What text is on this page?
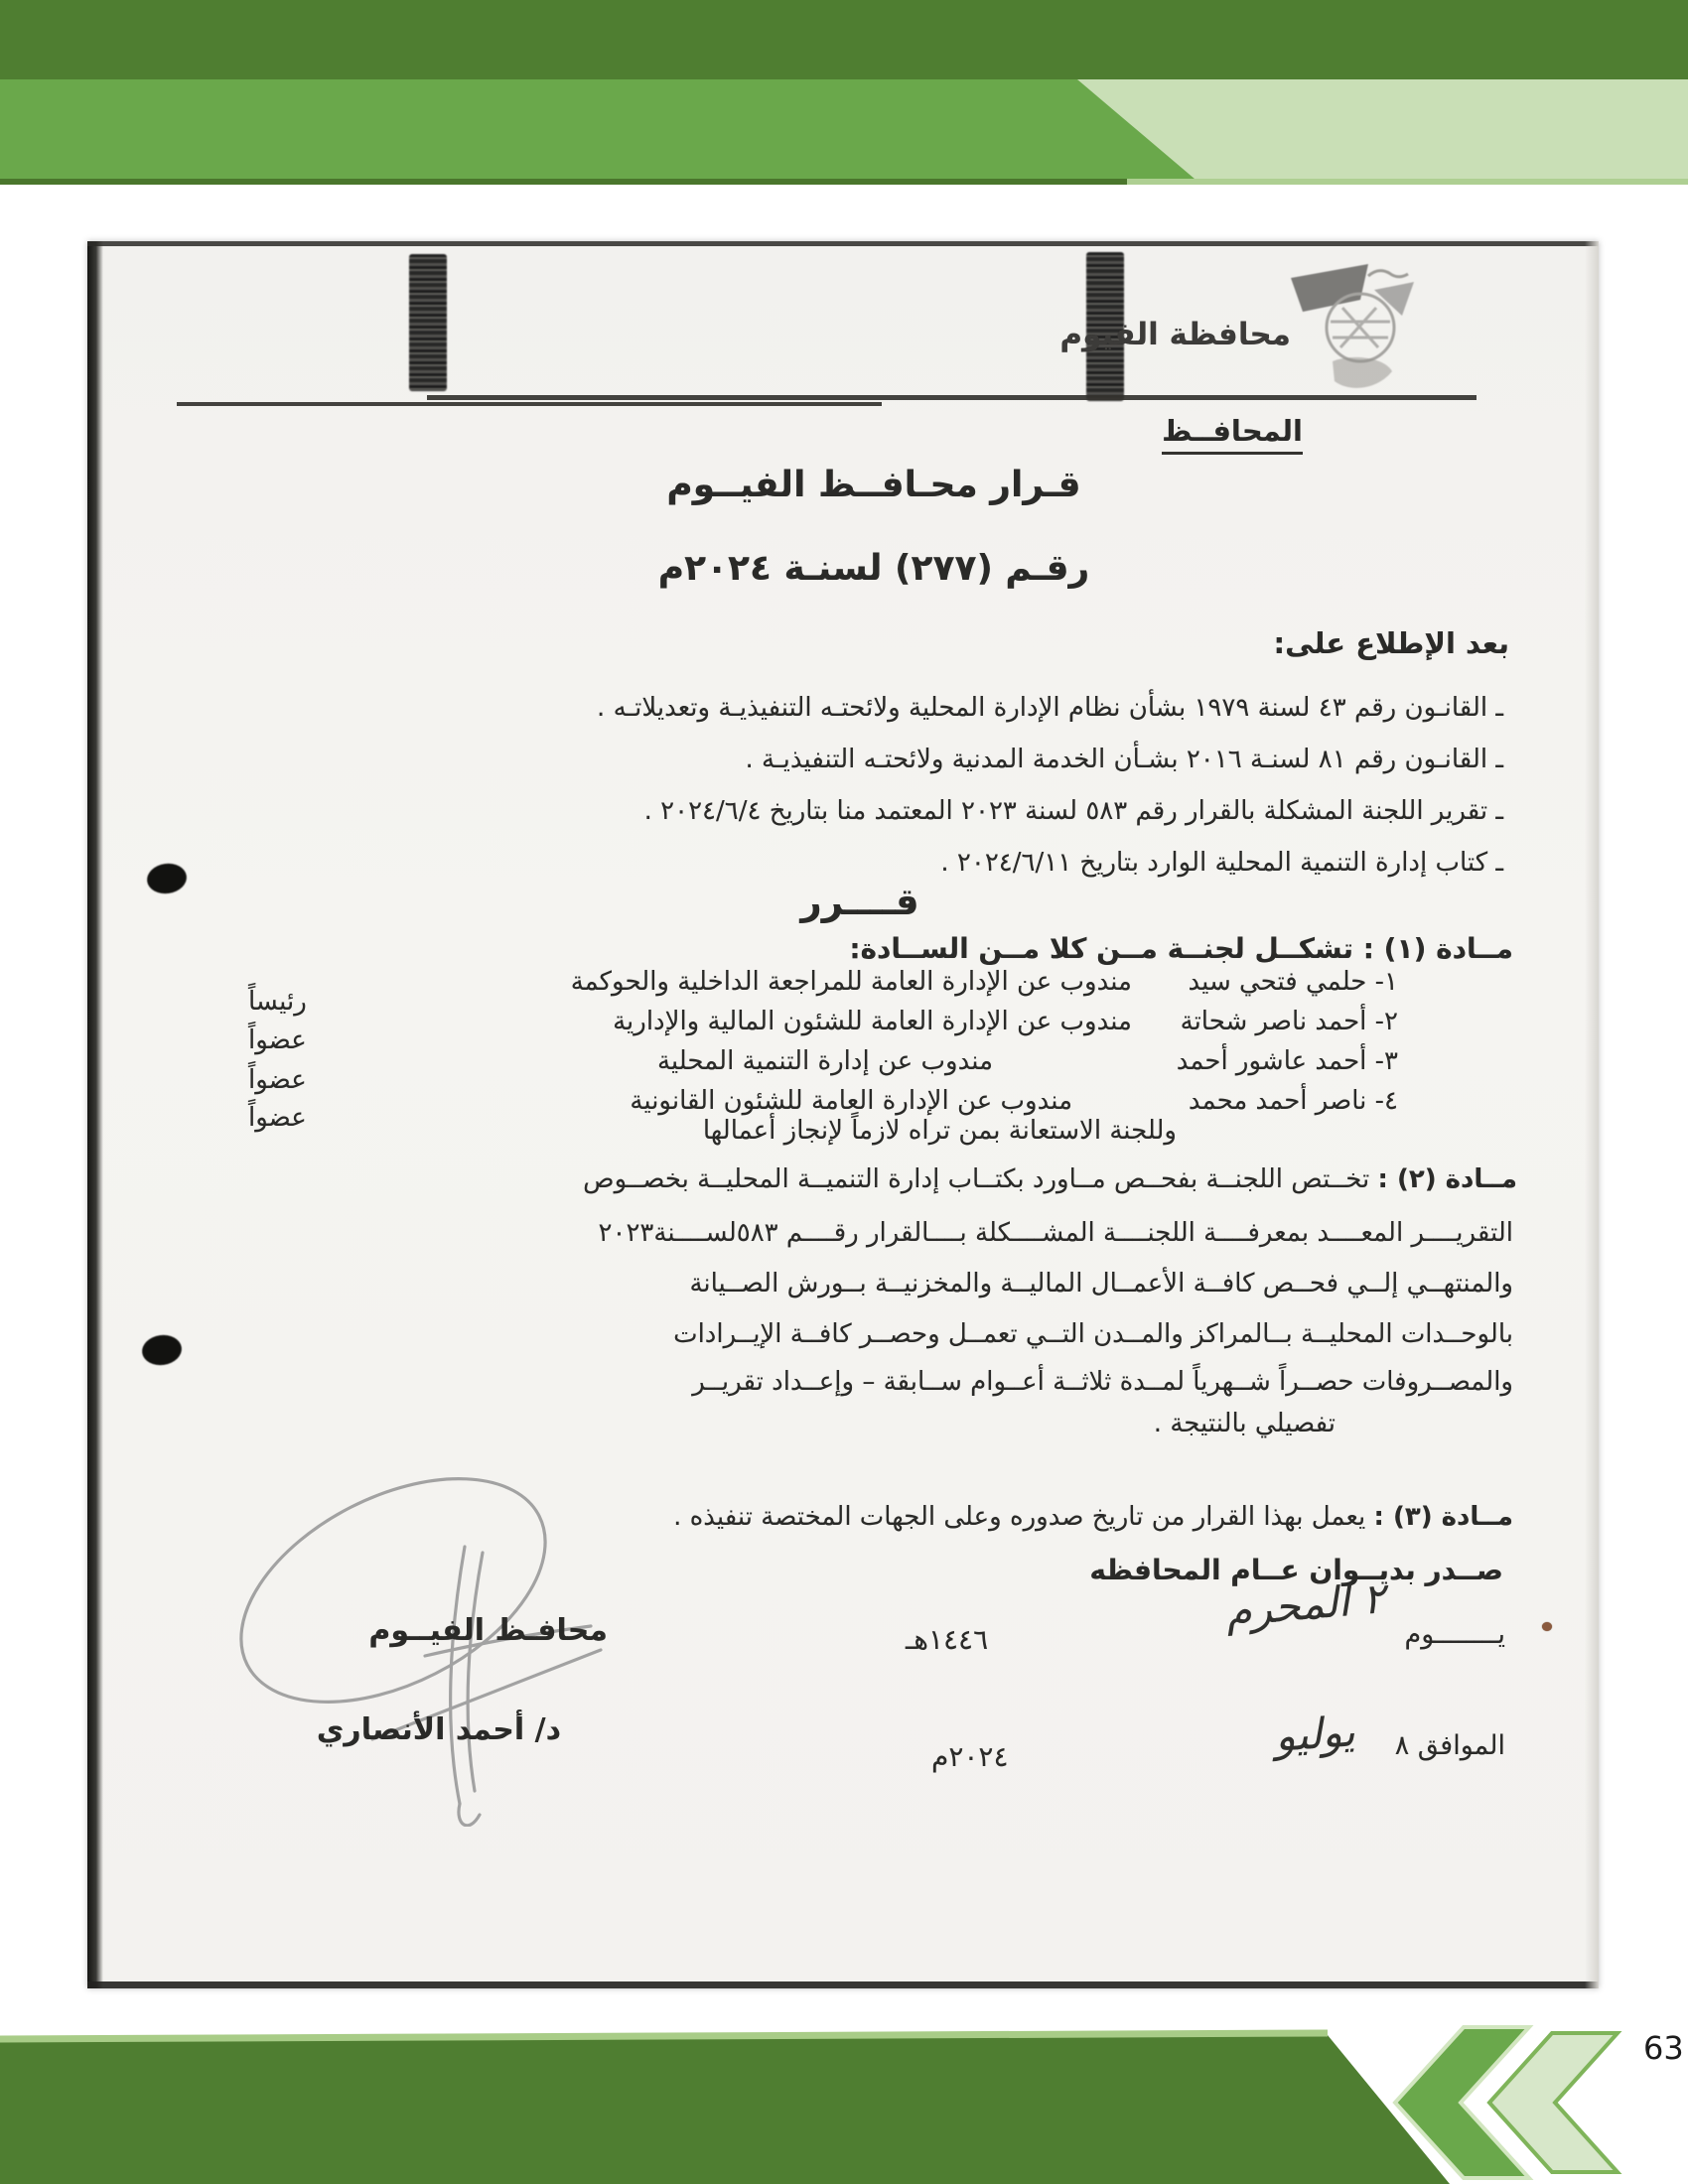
محافظة الفيوم
المحافــظ
قـرار محـافــظ الفيــوم
رقـم (٢٧٧) لسنـة ٢٠٢٤م
بعد الإطلاع على:
ـ القانـون رقم ٤٣ لسنة ١٩٧٩ بشأن نظام الإدارة المحلية ولائحتـه التنفيذيـة وتعديلاتـه .
ـ القانـون رقم ٨١ لسنـة ٢٠١٦ بشـأن الخدمة المدنية ولائحتـه التنفيذيـة .
ـ تقرير اللجنة المشكلة بالقرار رقم ٥٨٣ لسنة ٢٠٢٣ المعتمد منا بتاريخ ٢٠٢٤/٦/٤ .
ـ كتاب إدارة التنمية المحلية الوارد بتاريخ ٢٠٢٤/٦/١١ .
قــــرر
مــادة (١) : تشكــل لجنــة مــن كلا مــن الســادة:
١- حلمي فتحي سيد
مندوب عن الإدارة العامة للمراجعة الداخلية والحوكمة
رئيساً
٢- أحمد ناصر شحاتة
مندوب عن الإدارة العامة للشئون المالية والإدارية
عضواً
٣- أحمد عاشور أحمد
مندوب عن إدارة التنمية المحلية
عضواً
٤- ناصر أحمد محمد
مندوب عن الإدارة العامة للشئون القانونية
عضواً	وللجنة الاستعانة بمن تراه لازماً لإنجاز أعمالها
مــادة (٢) : تخــتص اللجنــة بفحــص مــاورد بكتــاب إدارة التنميــة المحليــة بخصــوص
التقريــــر المعــــد بمعرفــــة اللجنــــة المشــــكلة بــــالقرار رقــــم ٥٨٣لســــنة٢٠٢٣
والمنتهــي إلــي فحــص كافــة الأعمــال الماليــة والمخزنيــة بــورش الصــيانة
بالوحــدات المحليــة بــالمراكز والمــدن التــي تعمــل وحصــر كافــة الإيــرادات
والمصــروفات حصــراً شــهرياً لمــدة ثلاثــة أعــوام ســابقة – وإعــداد تقريــر
تفصيلي بالنتيجة .
مــادة (٣) : يعمل بهذا القرار من تاريخ صدوره وعلى الجهات المختصة تنفيذه .
صــدر بديــوان عــام المحافظه
يــــــــوم
٢ المحرم
١٤٤٦هـ
الموافق ٨
يوليو
٢٠٢٤م
محافـظ الفيــوم
د/ أحمد الأنصاري
63
